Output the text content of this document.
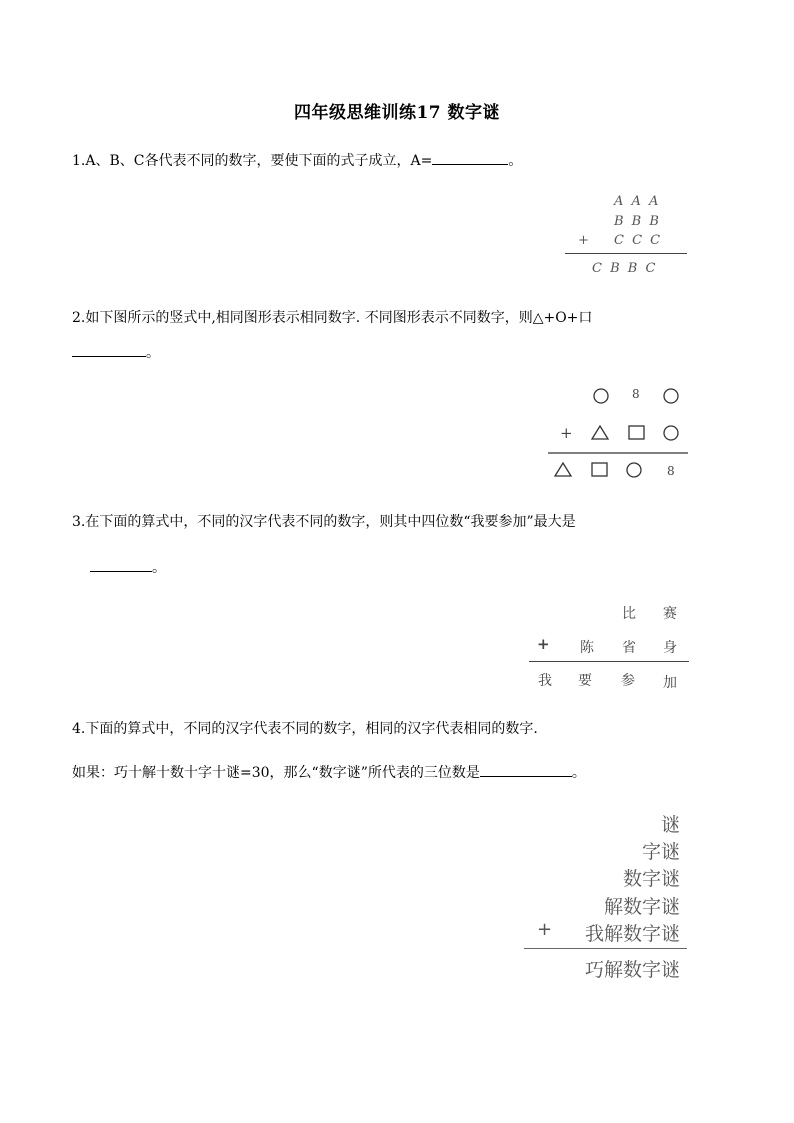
四年级思维训练17 数字谜
1.A、B、C各代表不同的数字，要使下面的式子成立，A=	。
A A A
B B B
+ C C C
C B B C
2.如下图所示的竖式中,相同图形表示相同数字. 不同图形表示不同数字，则△+O+口
。
8
+
8
3.在下面的算式中，不同的汉字代表不同的数字，则其中四位数“我要参加”最大是
。
比 赛
+ 陈 省 身
我 要 参 加
4.下面的算式中，不同的汉字代表不同的数字，相同的汉字代表相同的数字.
如果：巧十解十数十字十谜=30，那么“数字谜”所代表的三位数是	。
谜
字谜
数字谜
解数字谜
+ 我解数字谜
巧解数字谜
